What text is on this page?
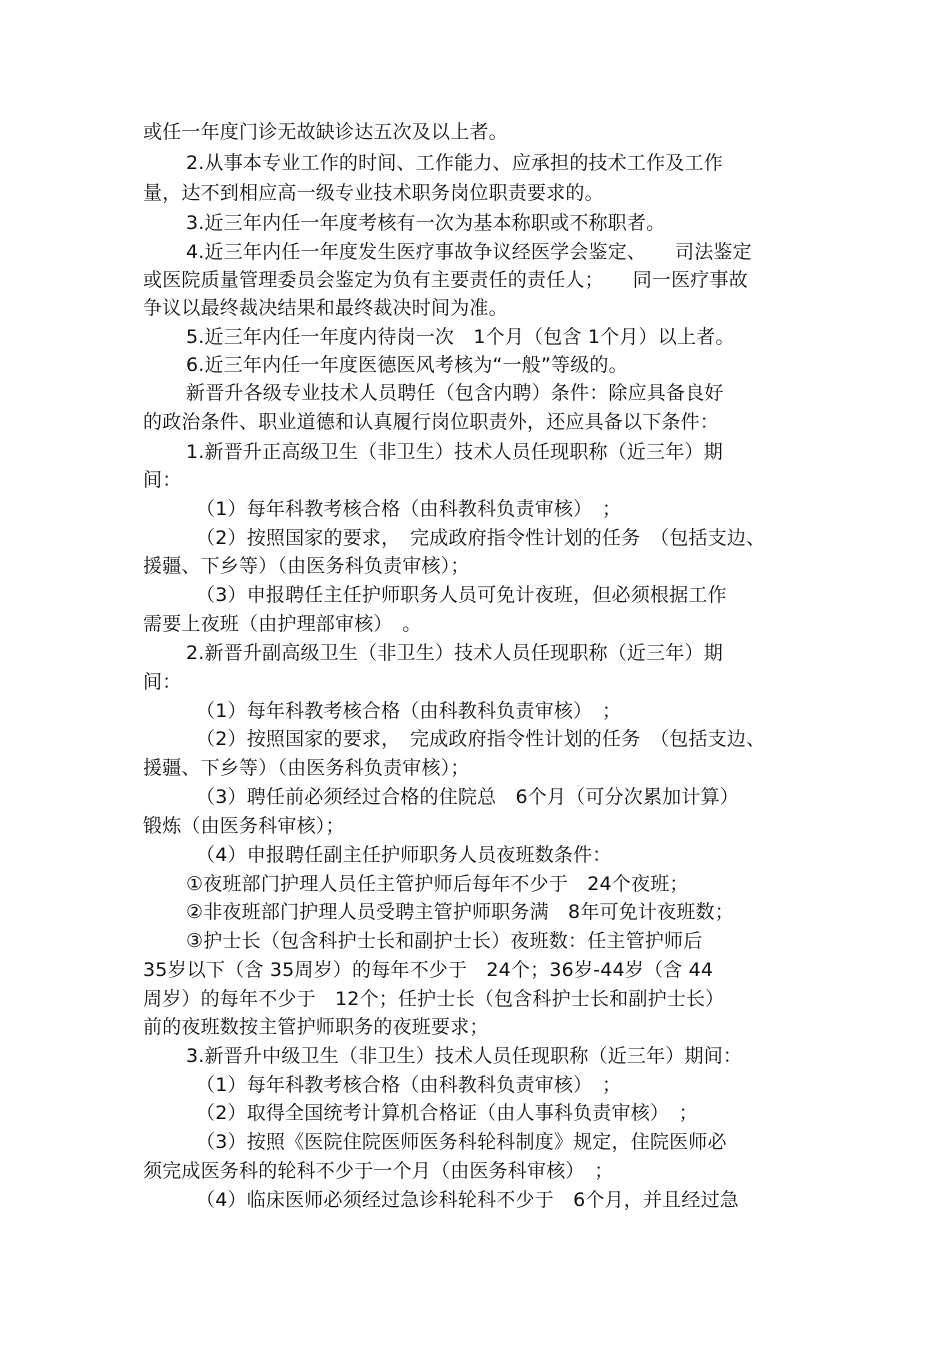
或任一年度门诊无故缺诊达五次及以上者。
2.从事本专业工作的时间、工作能力、应承担的技术工作及工作
量，达不到相应高一级专业技术职务岗位职责要求的。
3.近三年内任一年度考核有一次为基本称职或不称职者。
4.近三年内任一年度发生医疗事故争议经医学会鉴定、　　司法鉴定
或医院质量管理委员会鉴定为负有主要责任的责任人；　　同一医疗事故
争议以最终裁决结果和最终裁决时间为准。
5.近三年内任一年度内待岗一次　1个月（包含 1个月）以上者。
6.近三年内任一年度医德医风考核为“一般”等级的。
新晋升各级专业技术人员聘任（包含内聘）条件：除应具备良好
的政治条件、职业道德和认真履行岗位职责外，还应具备以下条件：
1.新晋升正高级卫生（非卫生）技术人员任现职称（近三年）期
间：
（1）每年科教考核合格（由科教科负责审核）　；
（2）按照国家的要求，　完成政府指令性计划的任务　（包括支边、
援疆、下乡等）（由医务科负责审核）；
（3）申报聘任主任护师职务人员可免计夜班，但必须根据工作
需要上夜班（由护理部审核）　。
2.新晋升副高级卫生（非卫生）技术人员任现职称（近三年）期
间：
（1）每年科教考核合格（由科教科负责审核）　；
（2）按照国家的要求，　完成政府指令性计划的任务　（包括支边、
援疆、下乡等）（由医务科负责审核）；
（3）聘任前必须经过合格的住院总　6个月（可分次累加计算）
锻炼（由医务科审核）；
（4）申报聘任副主任护师职务人员夜班数条件：
①夜班部门护理人员任主管护师后每年不少于　24个夜班；
②非夜班部门护理人员受聘主管护师职务满　8年可免计夜班数；
③护士长（包含科护士长和副护士长）夜班数：任主管护师后
35岁以下（含 35周岁）的每年不少于　24个；36岁-44岁（含 44
周岁）的每年不少于　12个；任护士长（包含科护士长和副护士长）
前的夜班数按主管护师职务的夜班要求；
3.新晋升中级卫生（非卫生）技术人员任现职称（近三年）期间：
（1）每年科教考核合格（由科教科负责审核）　；
（2）取得全国统考计算机合格证（由人事科负责审核）　；
（3）按照《医院住院医师医务科轮科制度》规定，住院医师必
须完成医务科的轮科不少于一个月（由医务科审核）　；
（4）临床医师必须经过急诊科轮科不少于　6个月，并且经过急
